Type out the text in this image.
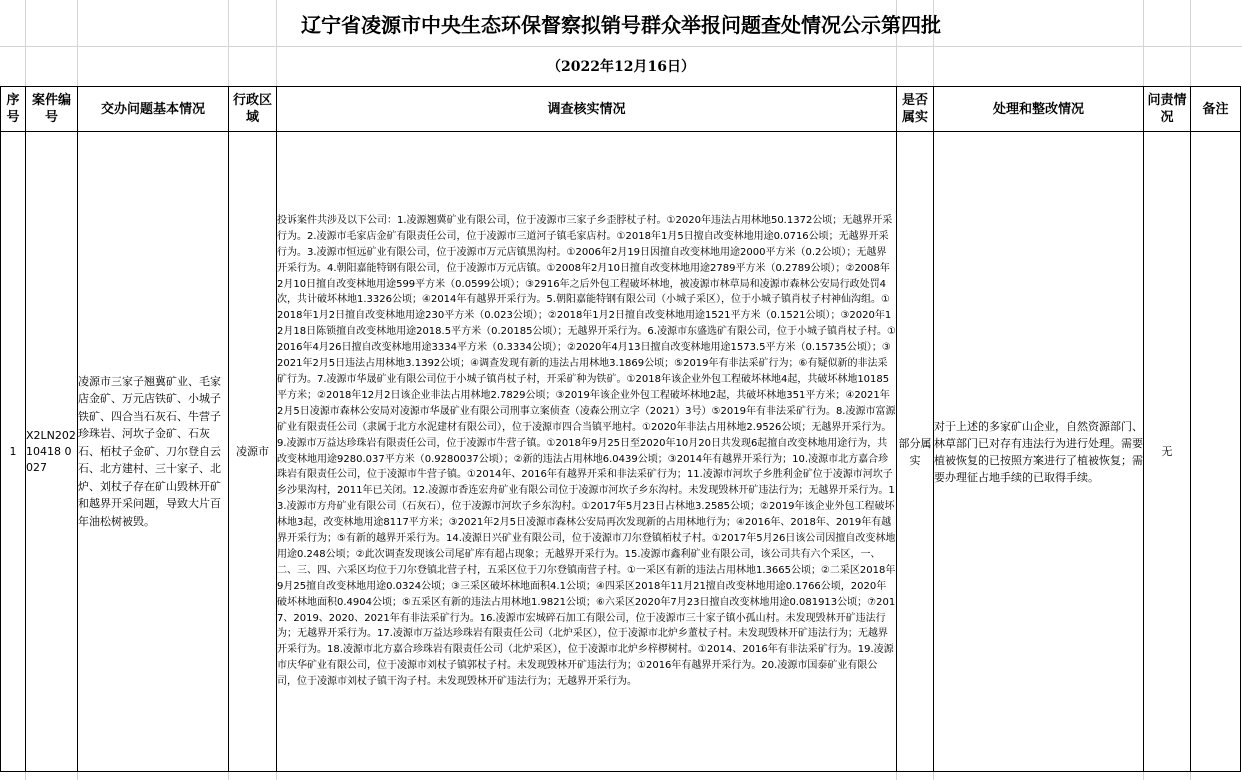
辽宁省凌源市中央生态环保督察拟销号群众举报问题查处情况公示第四批
（2022年12月16日）
序号	案件编号	交办问题基本情况	行政区域	调查核实情况	是否属实	处理和整改情况	问责情况	备注
1	X2LN20210418 0027	凌源市三家子翘冀矿业、毛家店金矿、万元店铁矿、小城子铁矿、四合当石灰石、牛营子珍珠岩、河坎子金矿、石灰石、栢杖子金矿、刀尔登自云石、北方建村、三十家子、北炉、刘杖子存在矿山毁林开矿和越界开采问题，导致大片百年油松树被毁。	凌源市	投诉案件共涉及以下公司：1.凌源翘冀矿业有限公司，位于凌源市三家子乡歪脖杖子村。①2020年违法占用林地50.1372公顷；无越界开采行为。2.凌源市毛家店金矿有限责任公司，位于凌源市三道河子镇毛家店村。①2018年1月5日擅自改变林地用途0.0716公顷；无越界开采行为。3.凌源市恒远矿业有限公司，位于凌源市万元店镇黑沟村。①2006年2月19日因擅自改变林地用途2000平方米（0.2公顷）；无越界开采行为。4.朝阳嘉能特钢有限公司，位于凌源市万元店镇。①2008年2月10日擅自改变林地用途2789平方米（0.2789公顷）；②2008年2月10日擅自改变林地用途599平方米（0.0599公顷）；③2916年之后外包工程破坏林地，被凌源市林草局和凌源市森林公安局行政处罚4次，共计破坏林地1.3326公顷；④2014年有越界开采行为。5.朝阳嘉能特钢有限公司（小城子采区），位于小城子镇肖杖子村神仙沟组。①2018年1月2日擅自改变林地用途230平方米（0.023公顷）；②2018年1月2日擅自改变林地用途1521平方米（0.1521公顷）；③2020年12月18日陈锁擅自改变林地用途2018.5平方米（0.20185公顷）；无越界开采行为。6.凌源市东盛选矿有限公司，位于小城子镇肖杖子村。①2016年4月26日擅自改变林地用途3334平方米（0.3334公顷）；②2020年4月13日擅自改变林地用途1573.5平方米（0.15735公顷）；③2021年2月5日违法占用林地3.1392公顷；④调查发现有新的违法占用林地3.1869公顷；⑤2019年有非法采矿行为；⑥有疑似新的非法采矿行为。7.凌源市华晟矿业有限公司位于小城子镇肖杖子村，开采矿种为铁矿。①2018年该企业外包工程破坏林地4起，共破坏林地10185平方米；②2018年12月2日该企业非法占用林地2.7829公顷；③2019年该企业外包工程破坏林地2起，共破坏林地351平方米；④2021年2月5日凌源市森林公安局对凌源市华晟矿业有限公司刑事立案侦查（凌森公刑立字（2021）3号）⑤2019年有非法采矿行为。8.凌源市富源矿业有限责任公司（隶属于北方水泥建材有限公司），位于凌源市四合当镇平地村。①2020年非法占用林地2.9526公顷；无越界开采行为。9.凌源市万益达珍珠岩有限责任公司，位于凌源市牛营子镇。①2018年9月25日至2020年10月20日共发现6起擅自改变林地用途行为，共改变林地用途9280.037平方米（0.9280037公顷）；②新的违法占用林地6.0439公顷；③2014年有越界开采行为；10.凌源市北方嘉合珍珠岩有限责任公司，位于凌源市牛营子镇。①2014年、2016年有越界开采和非法采矿行为；11.凌源市河坎子乡胜利金矿位于凌源市河坎子乡沙果沟村，2011年已关闭。12.凌源市香连宏舟矿业有限公司位于凌源市河坎子乡东沟村。未发现毁林开矿违法行为；无越界开采行为。13.凌源市方舟矿业有限公司（石灰石），位于凌源市河坎子乡东沟村。①2017年5月23日占林地3.2585公顷；②2019年该企业外包工程破坏林地3起，改变林地用途8117平方米；③2021年2月5日凌源市森林公安局再次发现新的占用林地行为；④2016年、2018年、2019年有越界开采行为；⑤有新的越界开采行为。14.凌源日兴矿业有限公司，位于凌源市刀尔登镇栢杖子村。①2017年5月26日该公司因擅自改变林地用途0.248公顷；②此次调查发现该公司尾矿库有超占现象；无越界开采行为。15.凌源市鑫利矿业有限公司，该公司共有六个采区，一、二、三、四、六采区均位于刀尔登镇北营子村，五采区位于刀尔登镇南营子村。①一采区有新的违法占用林地1.3665公顷；②二采区2018年9月25擅自改变林地用途0.0324公顷；③三采区破坏林地面积4.1公顷；④四采区2018年11月21擅自改变林地用途0.1766公顷，2020年破坏林地面积0.4904公顷；⑤五采区有新的违法占用林地1.9821公顷；⑥六采区2020年7月23日擅自改变林地用途0.081913公顷；⑦2017、2019、2020、2021年有非法采矿行为。16.凌源市宏城碎石加工有限公司，位于凌源市三十家子镇小孤山村。未发现毁林开矿违法行为；无越界开采行为。17.凌源市万益达珍珠岩有限责任公司（北炉采区），位于凌源市北炉乡董杖子村。未发现毁林开矿违法行为；无越界开采行为。18.凌源市北方嘉合珍珠岩有限责任公司（北炉采区），位于凌源市北炉乡梓椤树村。①2014、2016年有非法采矿行为。19.凌源市庆华矿业有限公司，位于凌源市刘杖子镇郭杖子村。未发现毁林开矿违法行为；①2016年有越界开采行为。20.凌源市国泰矿业有限公司，位于凌源市刘杖子镇干沟子村。未发现毁林开矿违法行为；无越界开采行为。	部分属实	对于上述的多家矿山企业，自然资源部门、林草部门已对存有违法行为进行处理。需要植被恢复的已按照方案进行了植被恢复；需要办理征占地手续的已取得手续。	无	
